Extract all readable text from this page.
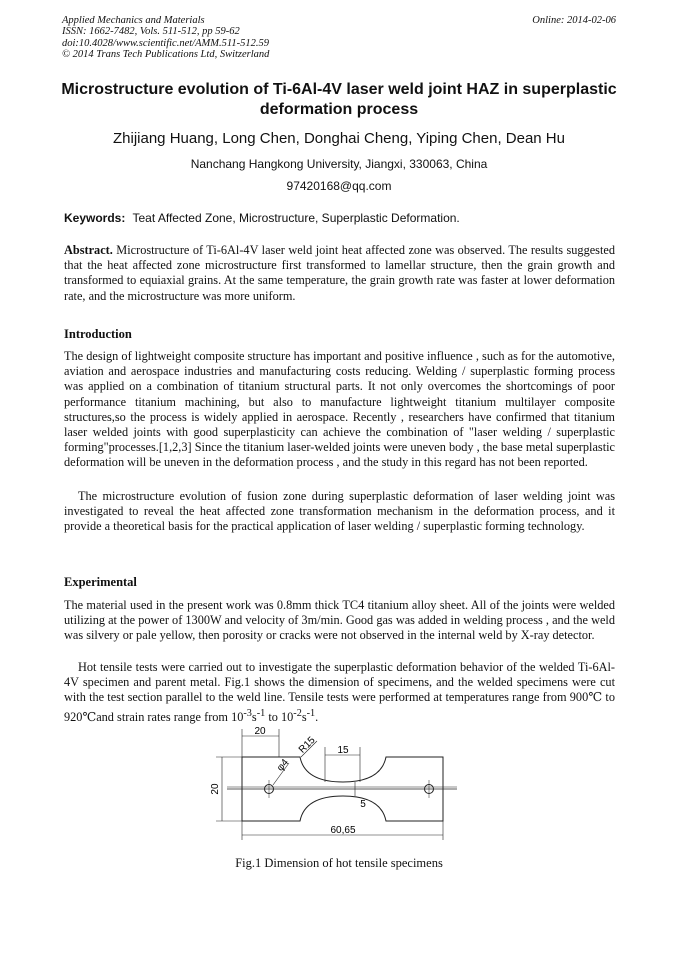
Applied Mechanics and Materials
ISSN: 1662-7482, Vols. 511-512, pp 59-62
doi:10.4028/www.scientific.net/AMM.511-512.59
© 2014 Trans Tech Publications Ltd, Switzerland
Online: 2014-02-06
Microstructure evolution of Ti-6Al-4V laser weld joint HAZ in superplastic deformation process
Zhijiang Huang, Long Chen, Donghai Cheng, Yiping Chen, Dean Hu
Nanchang Hangkong University, Jiangxi, 330063, China
97420168@qq.com
Keywords: Teat Affected Zone, Microstructure, Superplastic Deformation.
Abstract. Microstructure of Ti-6Al-4V laser weld joint heat affected zone was observed. The results suggested that the heat affected zone microstructure first transformed to lamellar structure, then the grain growth and transformed to equiaxial grains. At the same temperature, the grain growth rate was faster at lower deformation rate, and the microstructure was more uniform.
Introduction
The design of lightweight composite structure has important and positive influence , such as for the automotive, aviation and aerospace industries and manufacturing costs reducing. Welding / superplastic forming process was applied on a combination of titanium structural parts. It not only overcomes the shortcomings of poor performance titanium machining, but also to manufacture lightweight titanium multilayer composite structures,so the process is widely applied in aerospace. Recently , researchers have confirmed that titanium laser welded joints with good superplasticity can achieve the combination of "laser welding / superplastic forming"processes.[1,2,3] Since the titanium laser-welded joints were uneven body , the base metal superplastic deformation will be uneven in the deformation process , and the study in this regard has not been reported.
The microstructure evolution of fusion zone during superplastic deformation of laser welding joint was investigated to reveal the heat affected zone transformation mechanism in the deformation process, and it provide a theoretical basis for the practical application of laser welding / superplastic forming technology.
Experimental
The material used in the present work was 0.8mm thick TC4 titanium alloy sheet. All of the joints were welded utilizing at the power of 1300W and velocity of 3m/min. Good gas was added in welding process , and the weld was silvery or pale yellow, then porosity or cracks were not observed in the internal weld by X-ray detector.
Hot tensile tests were carried out to investigate the superplastic deformation behavior of the welded Ti-6Al-4V specimen and parent metal. Fig.1 shows the dimension of specimens, and the welded specimens were cut with the test section parallel to the weld line. Tensile tests were performed at temperatures range from 900℃ to 920℃and strain rates range from $10^{-3}s^{-1}$ to $10^{-2}s^{-1}$.
20
R15
φ4
15
20
5
60,65
Fig.1 Dimension of hot tensile specimens
